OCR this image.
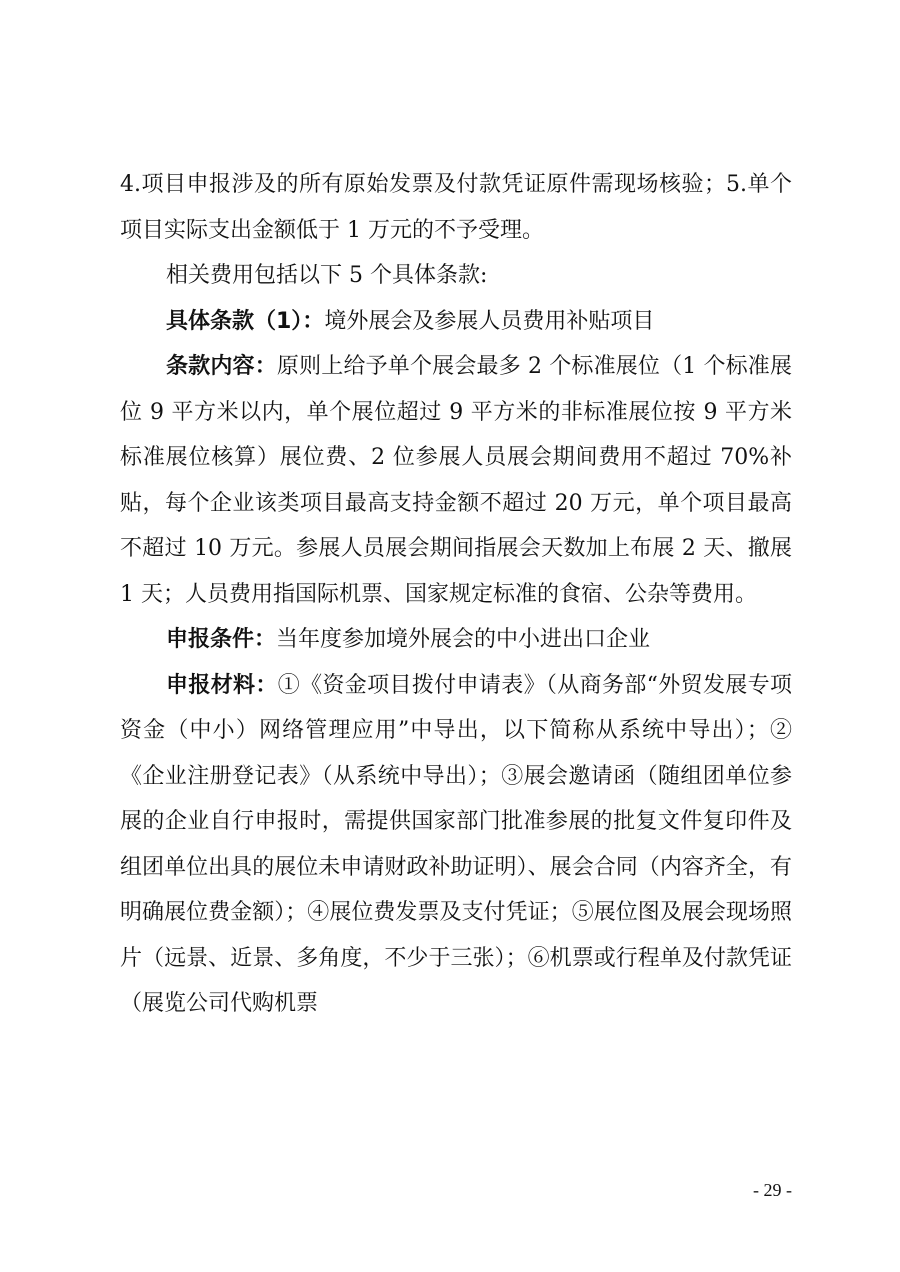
4.项目申报涉及的所有原始发票及付款凭证原件需现场核验；5.单个项目实际支出金额低于 1 万元的不予受理。

相关费用包括以下 5 个具体条款:

具体条款（1）：境外展会及参展人员费用补贴项目

条款内容：原则上给予单个展会最多 2 个标准展位（1 个标准展位 9 平方米以内，单个展位超过 9 平方米的非标准展位按 9 平方米标准展位核算）展位费、2 位参展人员展会期间费用不超过 70%补贴，每个企业该类项目最高支持金额不超过 20 万元，单个项目最高不超过 10 万元。参展人员展会期间指展会天数加上布展 2 天、撤展 1 天；人员费用指国际机票、国家规定标准的食宿、公杂等费用。

申报条件：当年度参加境外展会的中小进出口企业

申报材料：①《资金项目拨付申请表》（从商务部“外贸发展专项资金（中小）网络管理应用”中导出，以下简称从系统中导出）；②《企业注册登记表》（从系统中导出）；③展会邀请函（随组团单位参展的企业自行申报时，需提供国家部门批准参展的批复文件复印件及组团单位出具的展位未申请财政补助证明）、展会合同（内容齐全，有明确展位费金额）；④展位费发票及支付凭证；⑤展位图及展会现场照片（远景、近景、多角度，不少于三张）；⑥机票或行程单及付款凭证（展览公司代购机票

- 29 -
